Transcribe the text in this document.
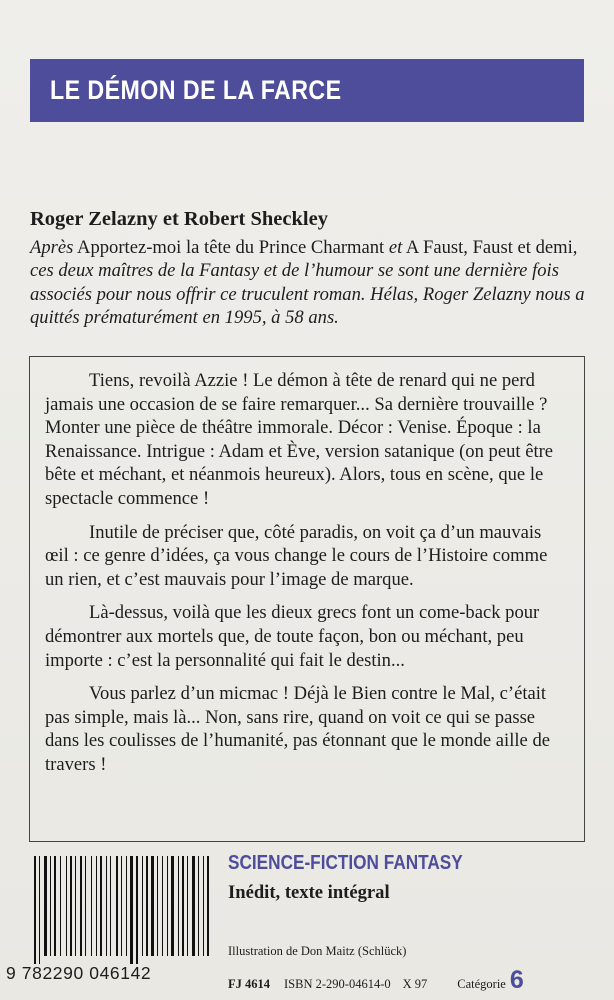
LE DÉMON DE LA FARCE
Roger Zelazny et Robert Sheckley
Après Apportez-moi la tête du Prince Charmant et A Faust, Faust et demi, ces deux maîtres de la Fantasy et de l’humour se sont une dernière fois associés pour nous offrir ce truculent roman. Hélas, Roger Zelazny nous a quittés prématurément en 1995, à 58 ans.

Tiens, revoilà Azzie ! Le démon à tête de renard qui ne perd jamais une occasion de se faire remarquer... Sa dernière trouvaille ? Monter une pièce de théâtre immorale. Décor : Venise. Époque : la Renaissance. Intrigue : Adam et Ève, version satanique (on peut être bête et méchant, et néanmois heureux). Alors, tous en scène, que le spectacle commence !

Inutile de préciser que, côté paradis, on voit ça d’un mauvais œil : ce genre d’idées, ça vous change le cours de l’Histoire comme un rien, et c’est mauvais pour l’image de marque.

Là-dessus, voilà que les dieux grecs font un come-back pour démontrer aux mortels que, de toute façon, bon ou méchant, peu importe : c’est la personnalité qui fait le destin...

Vous parlez d’un micmac ! Déjà le Bien contre le Mal, c’était pas simple, mais là... Non, sans rire, quand on voit ce qui se passe dans les coulisses de l’humanité, pas étonnant que le monde aille de travers !

9 782290 046142
SCIENCE-FICTION FANTASY
Inédit, texte intégral
Illustration de Don Maitz (Schlück)
FJ 4614 ISBN 2-290-04614-0 X 97 Catégorie 6
